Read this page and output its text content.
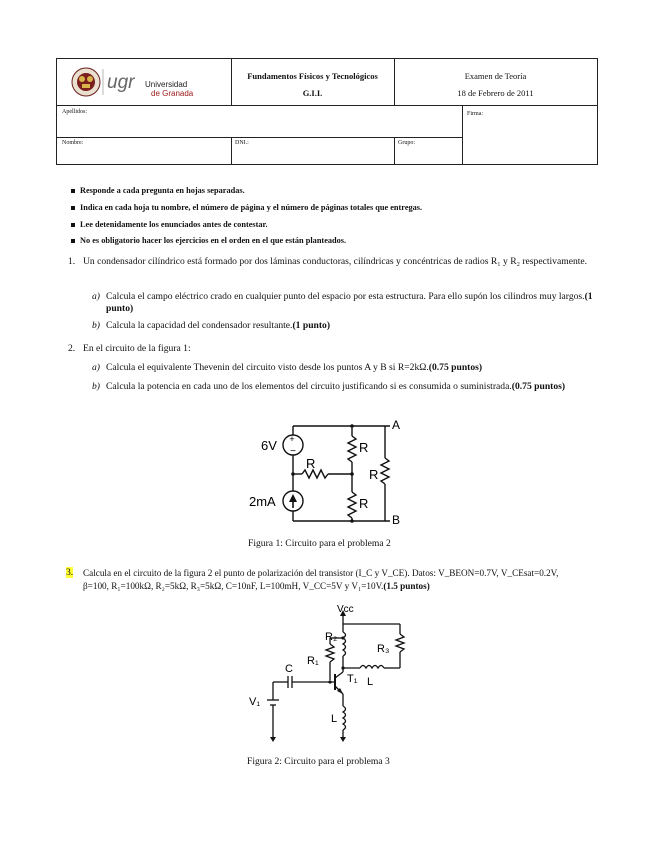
ugr Universidad
de Granada
Fundamentos Físicos y Tecnológicos
G.I.I.
Examen de Teoría
18 de Febrero de 2011
Apellidos:	Firma:
Nombre:	DNI.:	Grupo:
Responde a cada pregunta en hojas separadas.
Indica en cada hoja tu nombre, el número de página y el número de páginas totales que entregas.
Lee detenidamente los enunciados antes de contestar.
No es obligatorio hacer los ejercicios en el orden en el que están planteados.
1. Un condensador cilíndrico está formado por dos láminas conductoras, cilíndricas y concéntricas de radios R₁ y R₂ respectivamente.
a) Calcula el campo eléctrico crado en cualquier punto del espacio por esta estructura. Para ello supón los cilindros muy largos.(1 punto)
b) Calcula la capacidad del condensador resultante.(1 punto)
2. En el circuito de la figura 1:
a) Calcula el equivalente Thevenin del circuito visto desde los puntos A y B si R=2kΩ.(0.75 puntos)
b) Calcula la potencia en cada uno de los elementos del circuito justificando si es consumida o suministrada.(0.75 puntos)
+
−
6V
2mA
R
R
R
R
A
B
Figura 1: Circuito para el problema 2
3. Calcula en el circuito de la figura 2 el punto de polarización del transistor (I_C y V_CE). Datos: V_BEON=0.7V, V_CEsat=0.2V,
β=100, R₁=100kΩ, R₂=5kΩ, R₃=5kΩ, C=10nF, L=100mH, V_CC=5V y V₁=10V.(1.5 puntos)
Vcc
R₂
R₁
R₃
C
T₁ L
V₁
L
Figura 2: Circuito para el problema 3
